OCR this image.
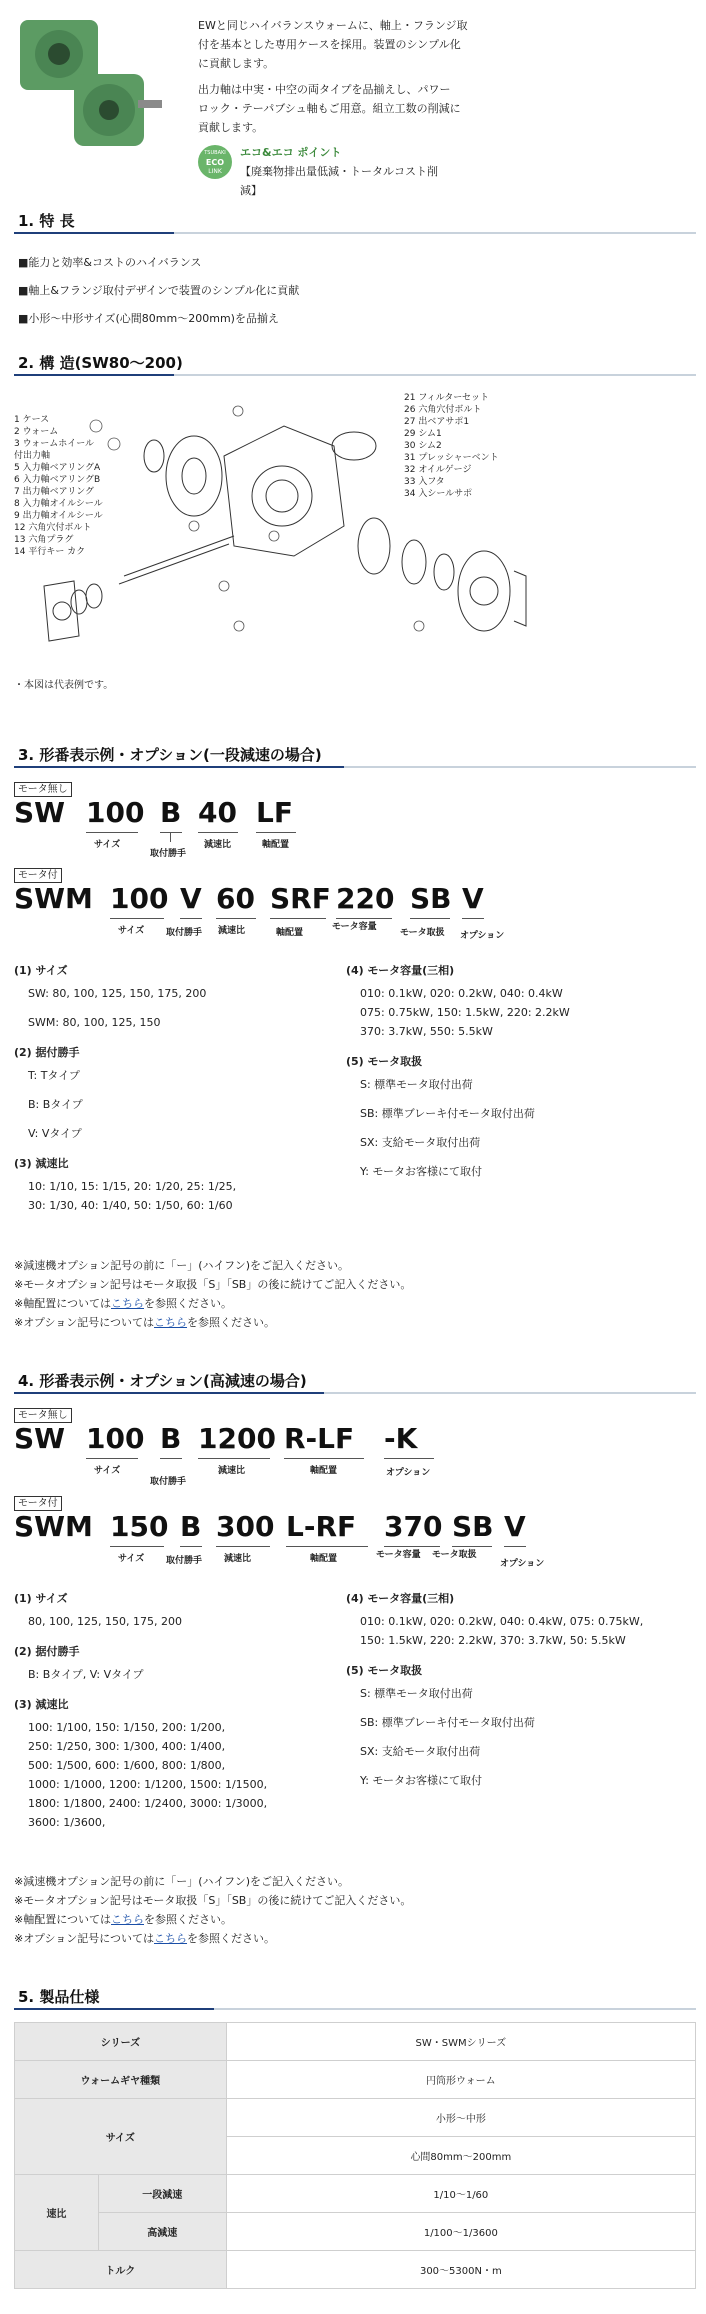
EWと同じハイバランスウォームに、軸上・フランジ取
付を基本とした専用ケースを採用。装置のシンプル化
に貢献します。
出力軸は中実・中空の両タイプを品揃えし、パワー
ロック・テーパブシュ軸もご用意。組立工数の削減に
貢献します。
TSUBAKI
ECO
LINK
エコ&エコ ポイント
【廃棄物排出量低減・トータルコスト削
減】
1. 特 長
■能力と効率&コストのハイバランス
■軸上&フランジ取付デザインで装置のシンプル化に貢献
■小形〜中形サイズ(心間80mm〜200mm)を品揃え
2. 構 造(SW80〜200)
1 ケース
2 ウォーム
3 ウォームホイール
付出力軸
5 入力軸ベアリングA
6 入力軸ベアリングB
7 出力軸ベアリング
8 入力軸オイルシール
9 出力軸オイルシール
12 六角穴付ボルト
13 六角プラグ
14 平行キー カク
21 フィルターセット
26 六角穴付ボルト
27 出ベアサポ1
29 シム1
30 シム2
31 プレッシャーベント
32 オイルゲージ
33 入フタ
34 入シールサポ
・本図は代表例です。
3. 形番表示例・オプション(一段減速の場合)
モータ無し
SW 100 B 40 LF
サイズ
取付勝手
減速比	軸配置
モータ付
SWM 100 V 60 SRF 220 SB V
サイズ 取付勝手 減速比	軸配置
モータ容量
モータ取扱 オプション
(1) サイズ
SW: 80, 100, 125, 150, 175, 200
SWM: 80, 100, 125, 150
(2) 据付勝手
T: Tタイプ
B: Bタイプ
V: Vタイプ
(3) 減速比
10: 1/10, 15: 1/15, 20: 1/20, 25: 1/25,
30: 1/30, 40: 1/40, 50: 1/50, 60: 1/60
(4) モータ容量(三相)
010: 0.1kW, 020: 0.2kW, 040: 0.4kW
075: 0.75kW, 150: 1.5kW, 220: 2.2kW
370: 3.7kW, 550: 5.5kW
(5) モータ取扱
S: 標準モータ取付出荷
SB: 標準ブレーキ付モータ取付出荷
SX: 支給モータ取付出荷
Y: モータお客様にて取付
※減速機オプション記号の前に「ー」(ハイフン)をご記入ください。
※モータオプション記号はモータ取扱「S」「SB」の後に続けてご記入ください。
※軸配置についてはこちらを参照ください。
※オプション記号についてはこちらを参照ください。
4. 形番表示例・オプション(高減速の場合)
モータ無し
SW 100 B 1200 R-LF -K
サイズ
取付勝手
減速比	軸配置	オプション
モータ付
SWM 150 B 300 L-RF 370 SB V
サイズ 取付勝手 減速比	軸配置	モータ容量 モータ取扱
オプション
(1) サイズ
80, 100, 125, 150, 175, 200
(2) 据付勝手
B: Bタイプ, V: Vタイプ
(3) 減速比
100: 1/100, 150: 1/150, 200: 1/200,
250: 1/250, 300: 1/300, 400: 1/400,
500: 1/500, 600: 1/600, 800: 1/800,
1000: 1/1000, 1200: 1/1200, 1500: 1/1500,
1800: 1/1800, 2400: 1/2400, 3000: 1/3000,
3600: 1/3600,
(4) モータ容量(三相)
010: 0.1kW, 020: 0.2kW, 040: 0.4kW, 075: 0.75kW,
150: 1.5kW, 220: 2.2kW, 370: 3.7kW, 50: 5.5kW
(5) モータ取扱
S: 標準モータ取付出荷
SB: 標準ブレーキ付モータ取付出荷
SX: 支給モータ取付出荷
Y: モータお客様にて取付
※減速機オプション記号の前に「ー」(ハイフン)をご記入ください。
※モータオプション記号はモータ取扱「S」「SB」の後に続けてご記入ください。
※軸配置についてはこちらを参照ください。
※オプション記号についてはこちらを参照ください。
5. 製品仕様
シリーズ		SW・SWMシリーズ
ウォームギヤ種類		円筒形ウォーム
サイズ		小形〜中形
		心間80mm〜200mm
速比	一段減速	1/10〜1/60
	高減速	1/100〜1/3600
トルク		300〜5300N・m
